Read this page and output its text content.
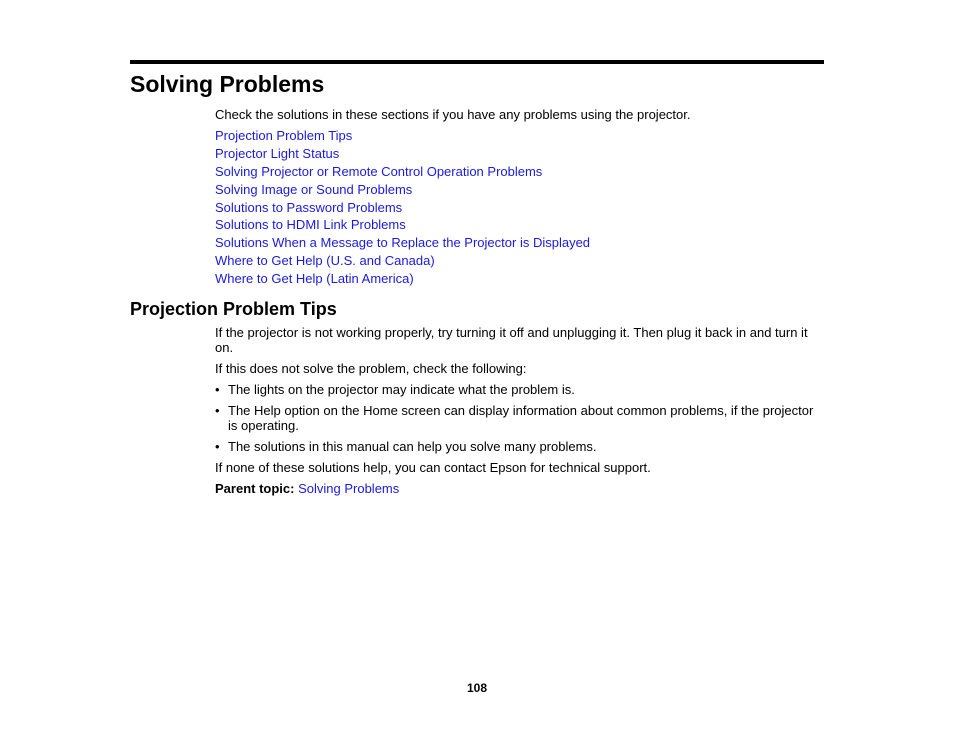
Solving Problems

Check the solutions in these sections if you have any problems using the projector.

Projection Problem Tips
Projector Light Status
Solving Projector or Remote Control Operation Problems
Solving Image or Sound Problems
Solutions to Password Problems
Solutions to HDMI Link Problems
Solutions When a Message to Replace the Projector is Displayed
Where to Get Help (U.S. and Canada)
Where to Get Help (Latin America)
Projection Problem Tips

If the projector is not working properly, try turning it off and unplugging it. Then plug it back in and turn it on.

If this does not solve the problem, check the following:

• The lights on the projector may indicate what the problem is.
• The Help option on the Home screen can display information about common problems, if the projector is operating.
• The solutions in this manual can help you solve many problems.

If none of these solutions help, you can contact Epson for technical support.

Parent topic: Solving Problems

108
